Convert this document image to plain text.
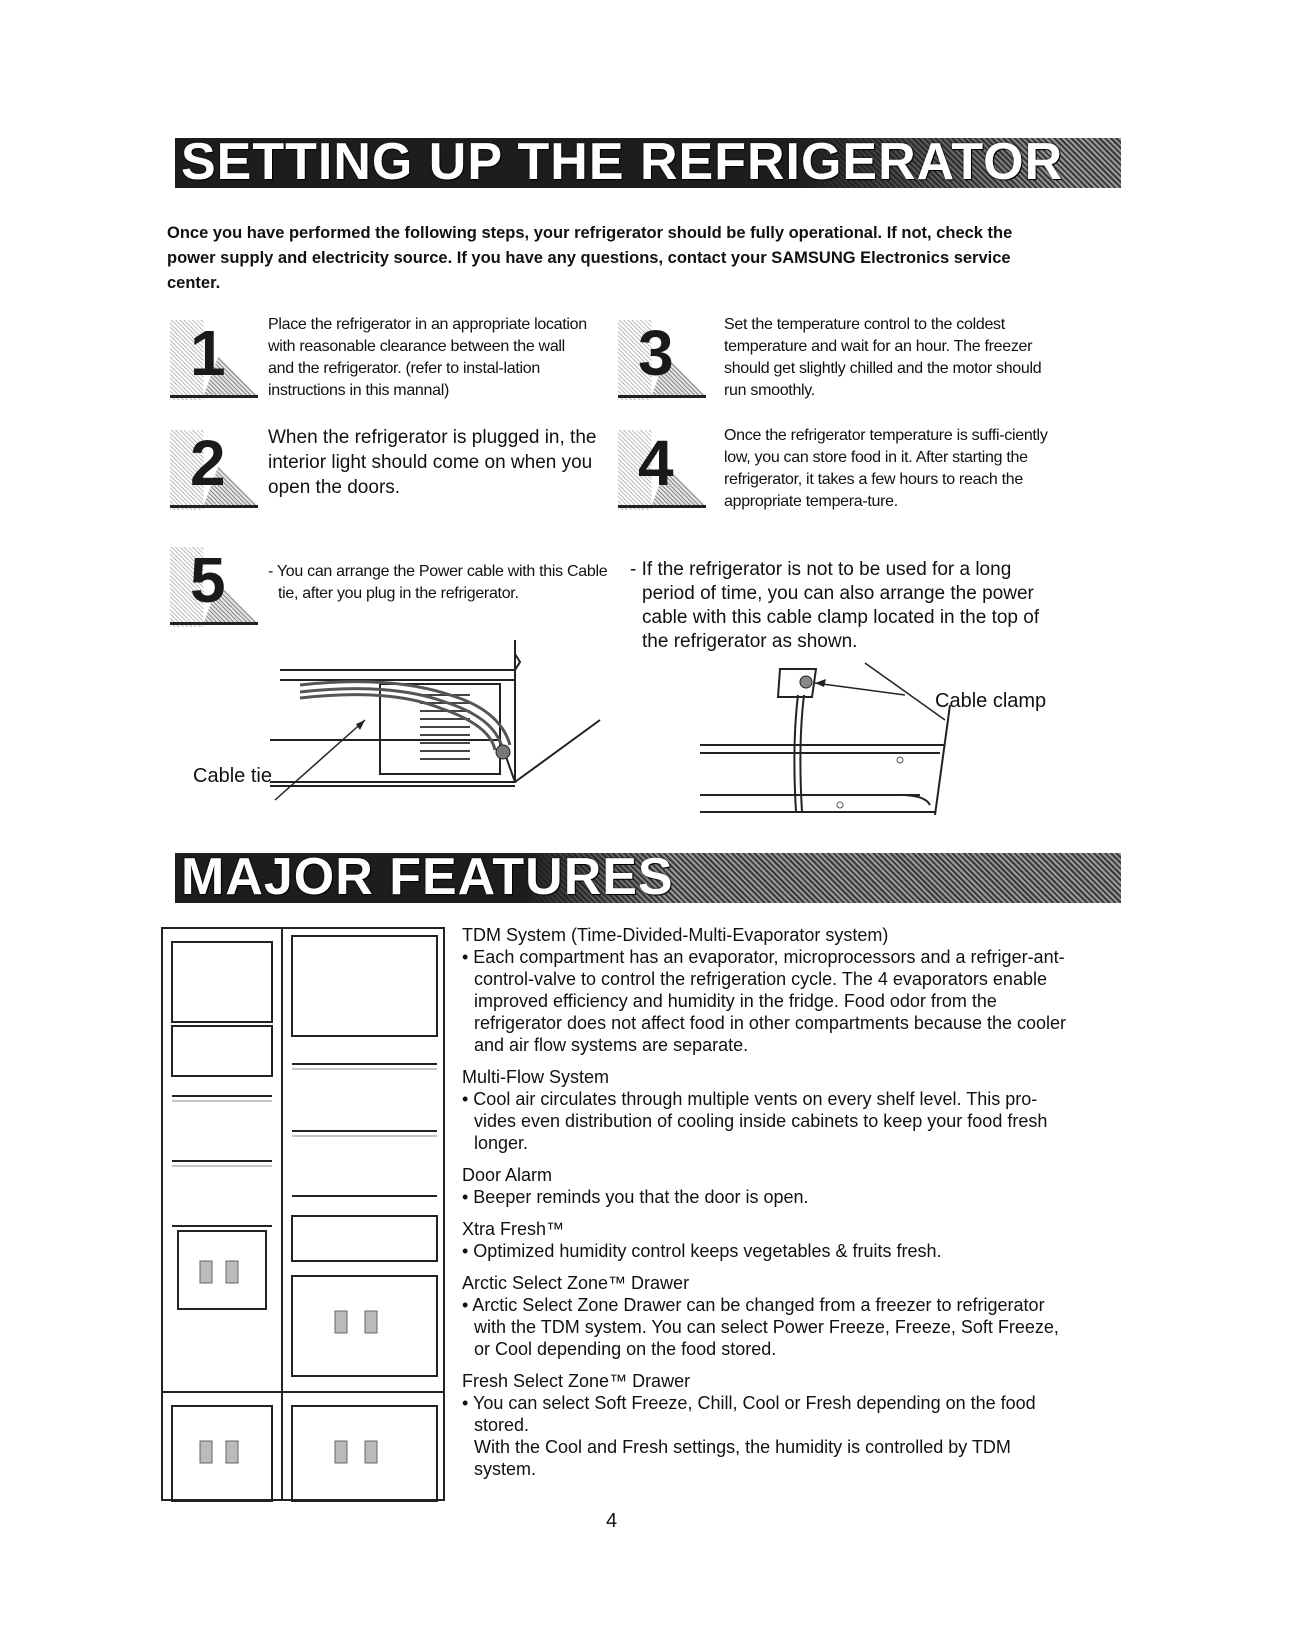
SETTING UP THE REFRIGERATOR
Once you have performed the following steps, your refrigerator should be fully operational. If not, check the power supply and electricity source. If you have any questions, contact your SAMSUNG Electronics service center.
1	Place the refrigerator in an appropriate location with reasonable clearance between the wall and the refrigerator. (refer to instal-lation instructions in this mannal)
2 When the refrigerator is plugged in, the interior light should come on when you open the doors.
3	Set the temperature control to the coldest temperature and wait for an hour. The freezer should get slightly chilled and the motor should run smoothly.
4	Once the refrigerator temperature is suffi-ciently low, you can store food in it. After starting the refrigerator, it takes a few hours to reach the appropriate tempera-ture.
5	- You can arrange the Power cable with this Cable tie, after you plug in the refrigerator.
- If the refrigerator is not to be used for a long period of time, you can also arrange the power cable with this cable clamp located in the top of the refrigerator as shown.
Cable tie
Cable clamp
MAJOR FEATURES
TDM System (Time-Divided-Multi-Evaporator system)

• Each compartment has an evaporator, microprocessors and a refriger-ant-control-valve to control the refrigeration cycle. The 4 evaporators enable improved efficiency and humidity in the fridge. Food odor from the refrigerator does not affect food in other compartments because the cooler and air flow systems are separate.

Multi-Flow System

• Cool air circulates through multiple vents on every shelf level. This pro-vides even distribution of cooling inside cabinets to keep your food fresh longer.

Door Alarm

• Beeper reminds you that the door is open.

Xtra Fresh™

• Optimized humidity control keeps vegetables & fruits fresh.

Arctic Select Zone™ Drawer

• Arctic Select Zone Drawer can be changed from a freezer to refrigerator with the TDM system. You can select Power Freeze, Freeze, Soft Freeze, or Cool depending on the food stored.

Fresh Select Zone™ Drawer

• You can select Soft Freeze, Chill, Cool or Fresh depending on the food stored.

With the Cool and Fresh settings, the humidity is controlled by TDM system.

4
